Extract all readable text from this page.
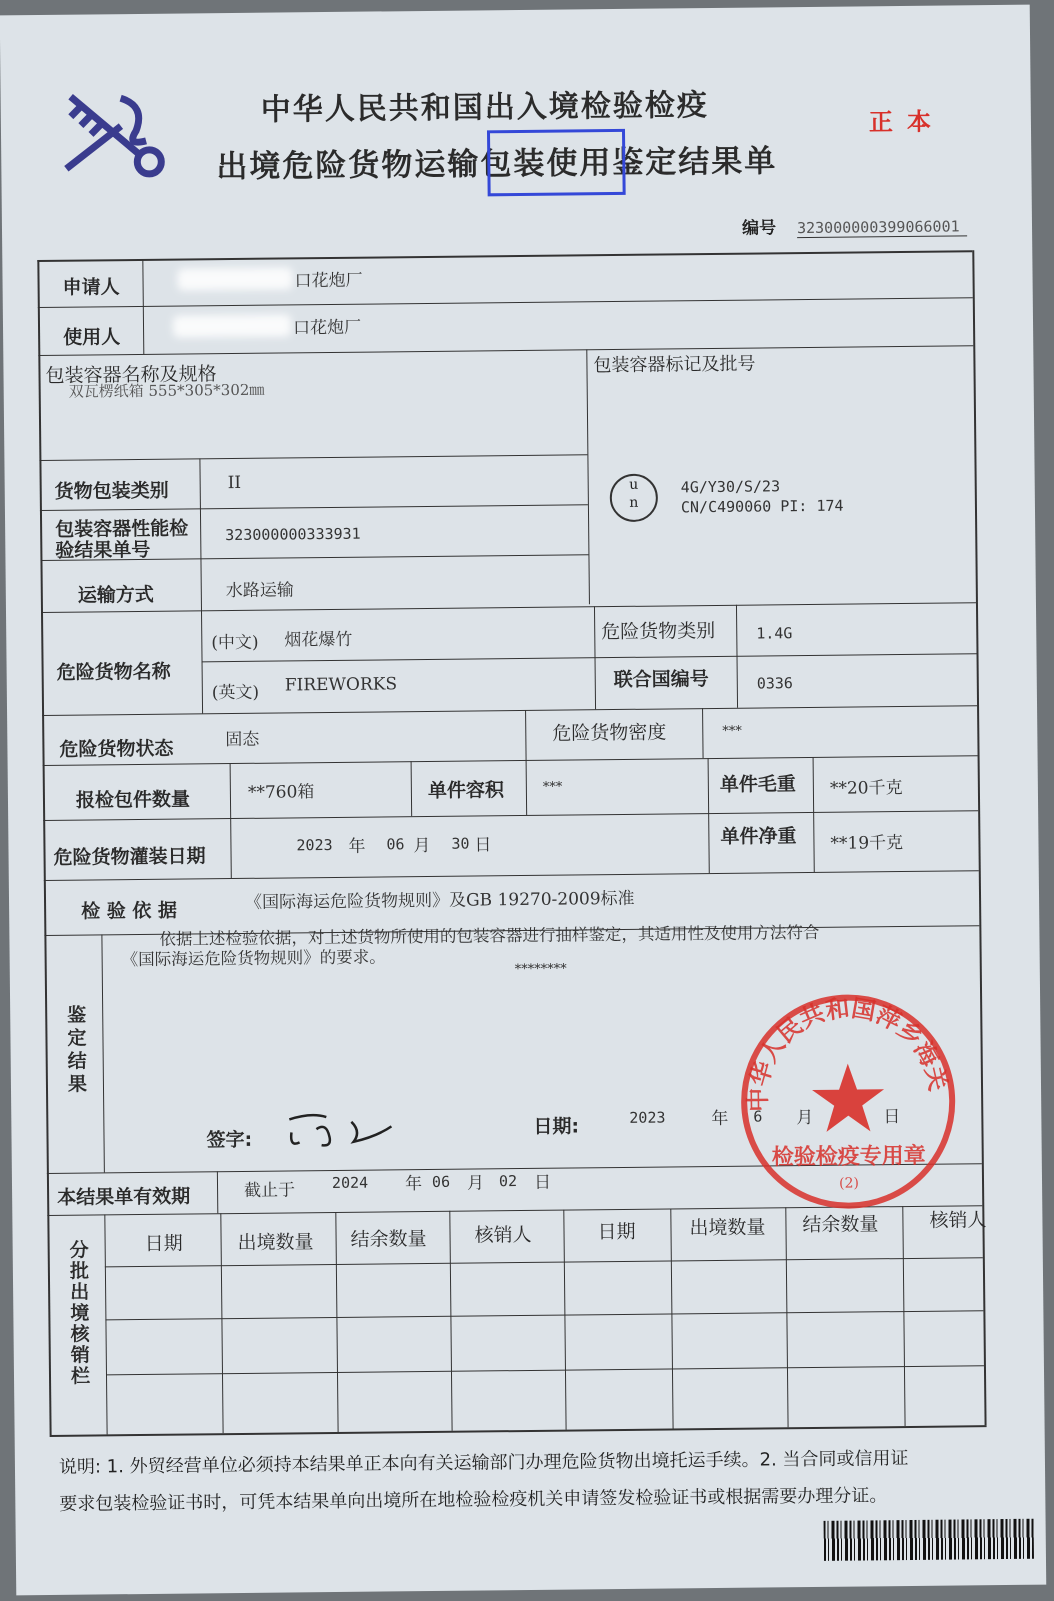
中华人民共和国出入境检验检疫
出境危险货物运输包装使用鉴定结果单
正本
编号 323000000399066001
申请人	口花炮厂
使用人	口花炮厂
包装容器名称及规格
双瓦楞纸箱 555*305*302㎜
包装容器标记及批号
u
n
4G/Y30/S/23
CN/C490060 PI: 174
货物包装类别	II
包装容器性能检验结果单号
323000000333931
运输方式	水路运输
危险货物名称
(中文) 烟花爆竹
(英文) FIREWORKS
危险货物类别	1.4G
联合国编号	0336
危险货物状态	固态	危险货物密度	***
报检包件数量	**760箱	单件容积	***	单件毛重 **20千克
危险货物灌装日期
2023 年 06 月 30 日	单件净重 **19千克
检 验 依 据	《国际海运危险货物规则》及GB 19270-2009标准
鉴定结果
依据上述检验依据，对上述货物所使用的包装容器进行抽样鉴定，其适用性及使用方法符合
《国际海运危险货物规则》的要求。
********
签字:
日期:	2023	年 6 月	日
中华人民共和国萍乡海关
检验检疫专用章
(2)
本结果单有效期	截止于 2024 年 06 月 02 日
分批出境核销栏	日期	出境数量 结余数量	核销人	日期	出境数量 结余数量	核销人
说明: 1. 外贸经营单位必须持本结果单正本向有关运输部门办理危险货物出境托运手续。2. 当合同或信用证
要求包装检验证书时，可凭本结果单向出境所在地检验检疫机关申请签发检验证书或根据需要办理分证。
